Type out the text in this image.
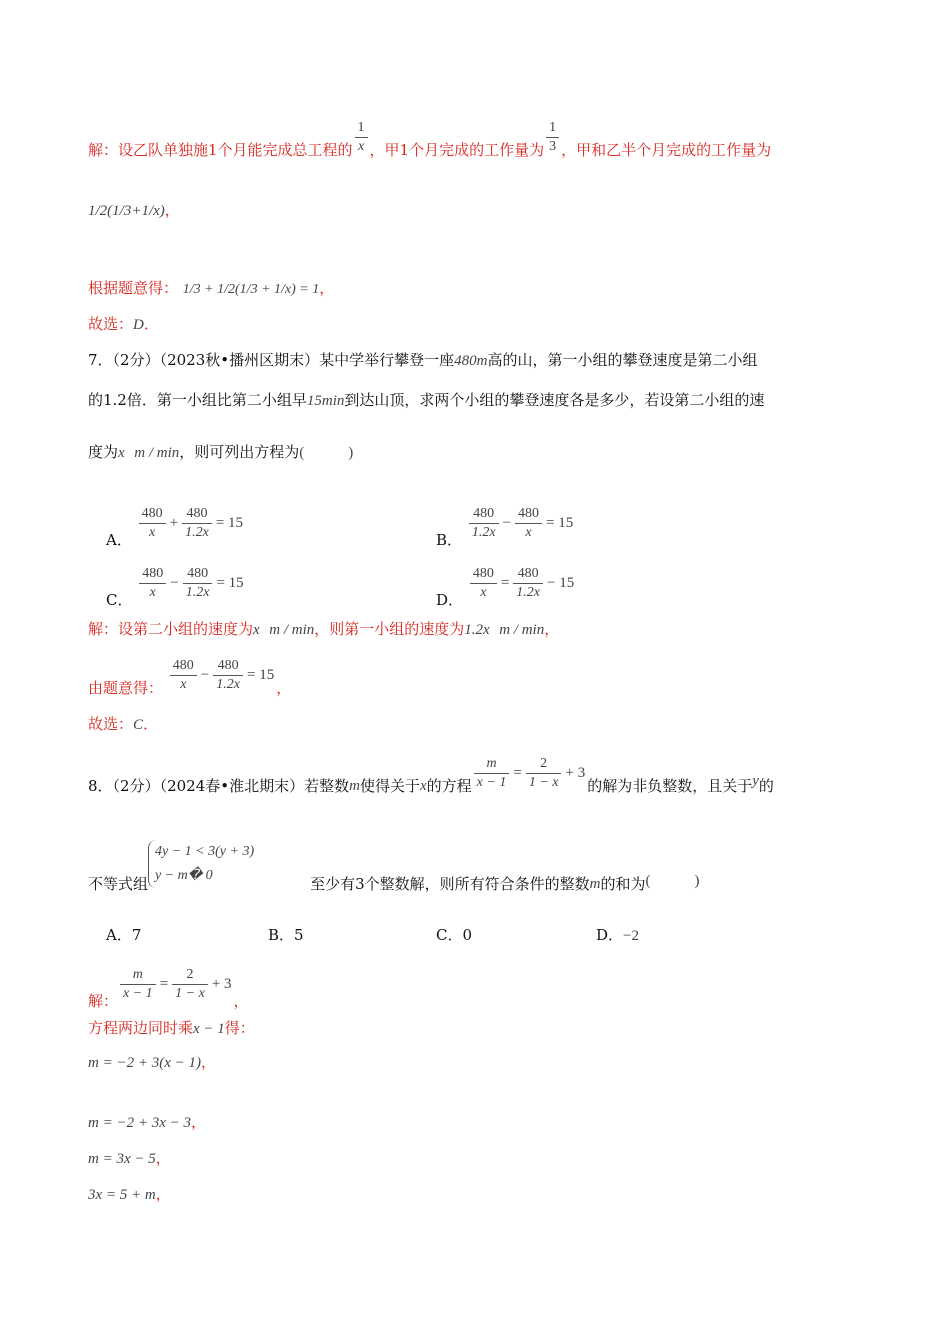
解：设乙队单独施1个月能完成总工程的 $\frac{1}{x}$ ，甲1个月完成的工作量为 $\frac{1}{3}$ ，甲和乙半个月完成的工作量为
1/2(1/3+1/x)，
根据题意得： 1/3 + 1/2(1/3 + 1/x) = 1，
故选：D．
7．（2分）（2023秋•播州区期末）某中学举行攀登一座480m高的山，第一小组的攀登速度是第二小组
的1.2倍．第一小组比第二小组早15min到达山顶，求两个小组的攀登速度各是多少，若设第二小组的速
度为x m / min，则可列出方程为(	)
A． $\frac{480}{x} + \frac{480}{1.2x} = 15$
B． $\frac{480}{1.2x} - \frac{480}{x} = 15$
C． $\frac{480}{x} - \frac{480}{1.2x} = 15$
D． $\frac{480}{x} = \frac{480}{1.2x} - 15$
解：设第二小组的速度为x m / min，则第一小组的速度为1.2x m / min，
由题意得： $\frac{480}{x} - \frac{480}{1.2x} = 15$，
故选：C．
8．（2分）（2024春•淮北期末）若整数m使得关于x的方程 $\frac{m}{x - 1} = \frac{2}{1 - x} + 3$的解为非负整数，且关于y的
不等式组
4y − 1 < 3(y + 3)
y − m� 0	至少有3个整数解，则所有符合条件的整数m的和为(	)
A．7	B．5	C．0	D．−2
解： $\frac{m}{x - 1} = \frac{2}{1 - x} + 3$，
方程两边同时乘x − 1得：
m = −2 + 3(x − 1)，
m = −2 + 3x − 3，
m = 3x − 5，
3x = 5 + m，
